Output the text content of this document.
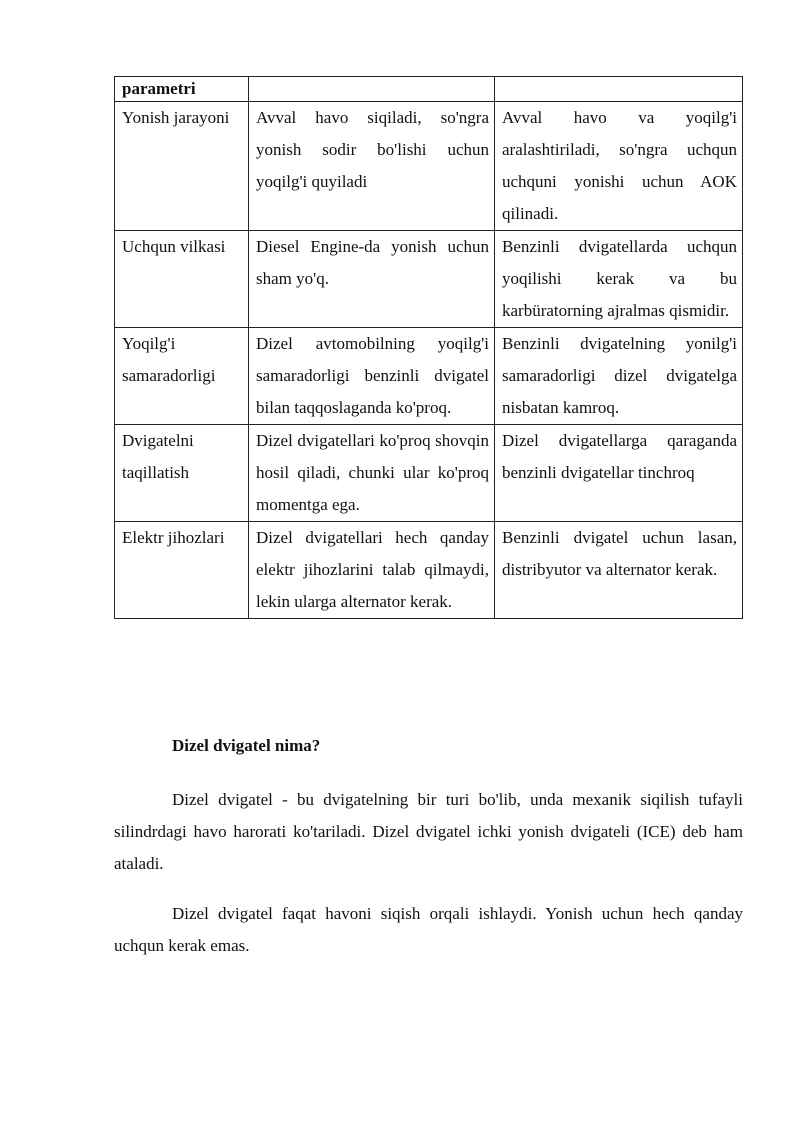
parametri		
Yonish jarayoni	Avval havo siqiladi, so'ngra yonish sodir bo'lishi uchun yoqilg'i quyiladi	Avval havo va yoqilg'i aralashtiriladi, so'ngra uchqun uchquni yonishi uchun AOK qilinadi.
Uchqun vilkasi	Diesel Engine-da yonish uchun sham yo'q.	Benzinli dvigatellarda uchqun yoqilishi kerak va bu karbüratorning ajralmas qismidir.
Yoqilg'i samaradorligi	Dizel avtomobilning yoqilg'i samaradorligi benzinli dvigatel bilan taqqoslaganda ko'proq.	Benzinli dvigatelning yonilg'i samaradorligi dizel dvigatelga nisbatan kamroq.
Dvigatelni taqillatish	Dizel dvigatellari ko'proq shovqin hosil qiladi, chunki ular ko'proq momentga ega.	Dizel dvigatellarga qaraganda benzinli dvigatellar tinchroq
Elektr jihozlari	Dizel dvigatellari hech qanday elektr jihozlarini talab qilmaydi, lekin ularga alternator kerak.	Benzinli dvigatel uchun lasan, distribyutor va alternator kerak.
Dizel dvigatel nima?

Dizel dvigatel - bu dvigatelning bir turi bo'lib, unda mexanik siqilish tufayli silindrdagi havo harorati ko'tariladi. Dizel dvigatel ichki yonish dvigateli (ICE) deb ham ataladi.

Dizel dvigatel faqat havoni siqish orqali ishlaydi. Yonish uchun hech qanday uchqun kerak emas.
